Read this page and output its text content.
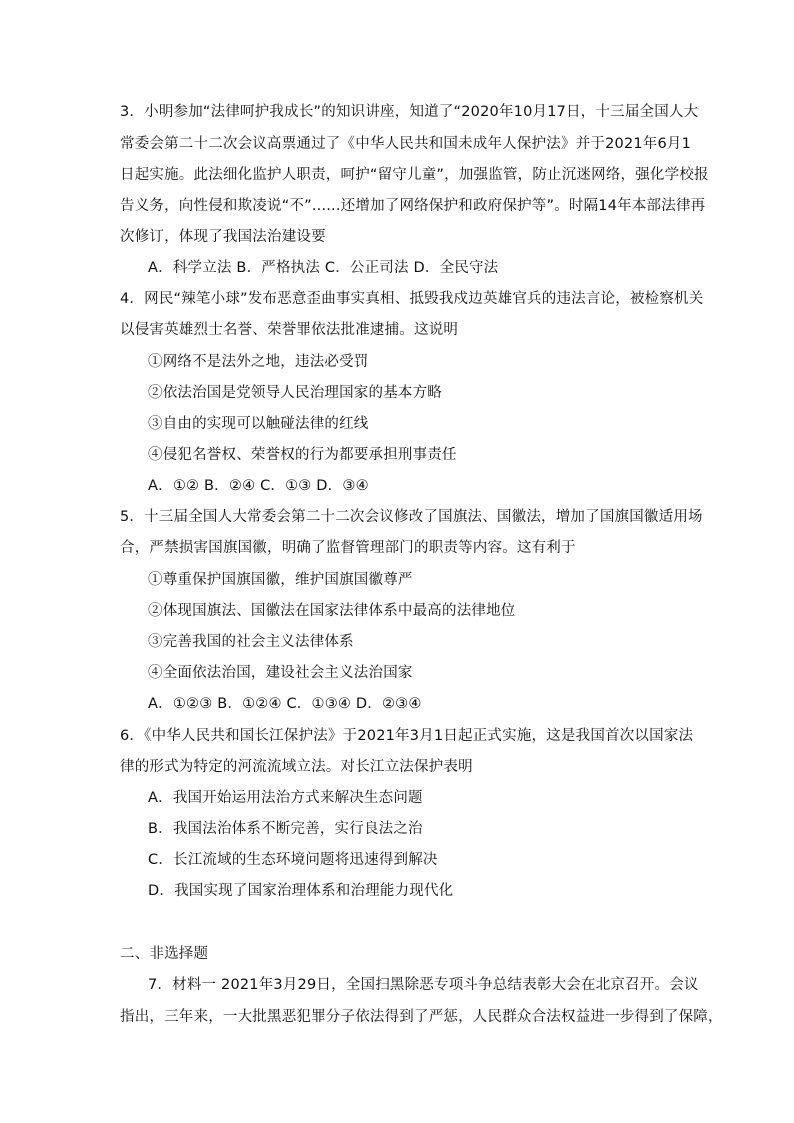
3．小明参加“法律呵护我成长”的知识讲座，知道了“2020年10月17日，十三届全国人大
常委会第二十二次会议高票通过了《中华人民共和国未成年人保护法》并于2021年6月1
日起实施。此法细化监护人职责，呵护“留守儿童”，加强监管，防止沉迷网络，强化学校报
告义务，向性侵和欺凌说“不”......还增加了网络保护和政府保护等”。时隔14年本部法律再
次修订，体现了我国法治建设要
A．科学立法 B．严格执法 C．公正司法 D．全民守法
4．网民“辣笔小球”发布恶意歪曲事实真相、抵毁我戍边英雄官兵的违法言论，被检察机关
以侵害英雄烈士名誉、荣誉罪依法批准逮捕。这说明
①网络不是法外之地，违法必受罚
②依法治国是党领导人民治理国家的基本方略
③自由的实现可以触碰法律的红线
④侵犯名誉权、荣誉权的行为都要承担刑事责任
A．①② B．②④ C．①③ D．③④
5．十三届全国人大常委会第二十二次会议修改了国旗法、国徽法，增加了国旗国徽适用场
合，严禁损害国旗国徽，明确了监督管理部门的职责等内容。这有利于
①尊重保护国旗国徽，维护国旗国徽尊严
②体现国旗法、国徽法在国家法律体系中最高的法律地位
③完善我国的社会主义法律体系
④全面依法治国，建设社会主义法治国家
A．①②③ B．①②④ C．①③④ D．②③④
6．《中华人民共和国长江保护法》于2021年3月1日起正式实施，这是我国首次以国家法
律的形式为特定的河流流域立法。对长江立法保护表明
A．我国开始运用法治方式来解决生态问题
B．我国法治体系不断完善，实行良法之治
C．长江流域的生态环境问题将迅速得到解决
D．我国实现了国家治理体系和治理能力现代化
二、非选择题
7．材料一 2021年3月29日，全国扫黑除恶专项斗争总结表彰大会在北京召开。会议
指出，三年来，一大批黑恶犯罪分子依法得到了严惩，人民群众合法权益进一步得到了保障，
